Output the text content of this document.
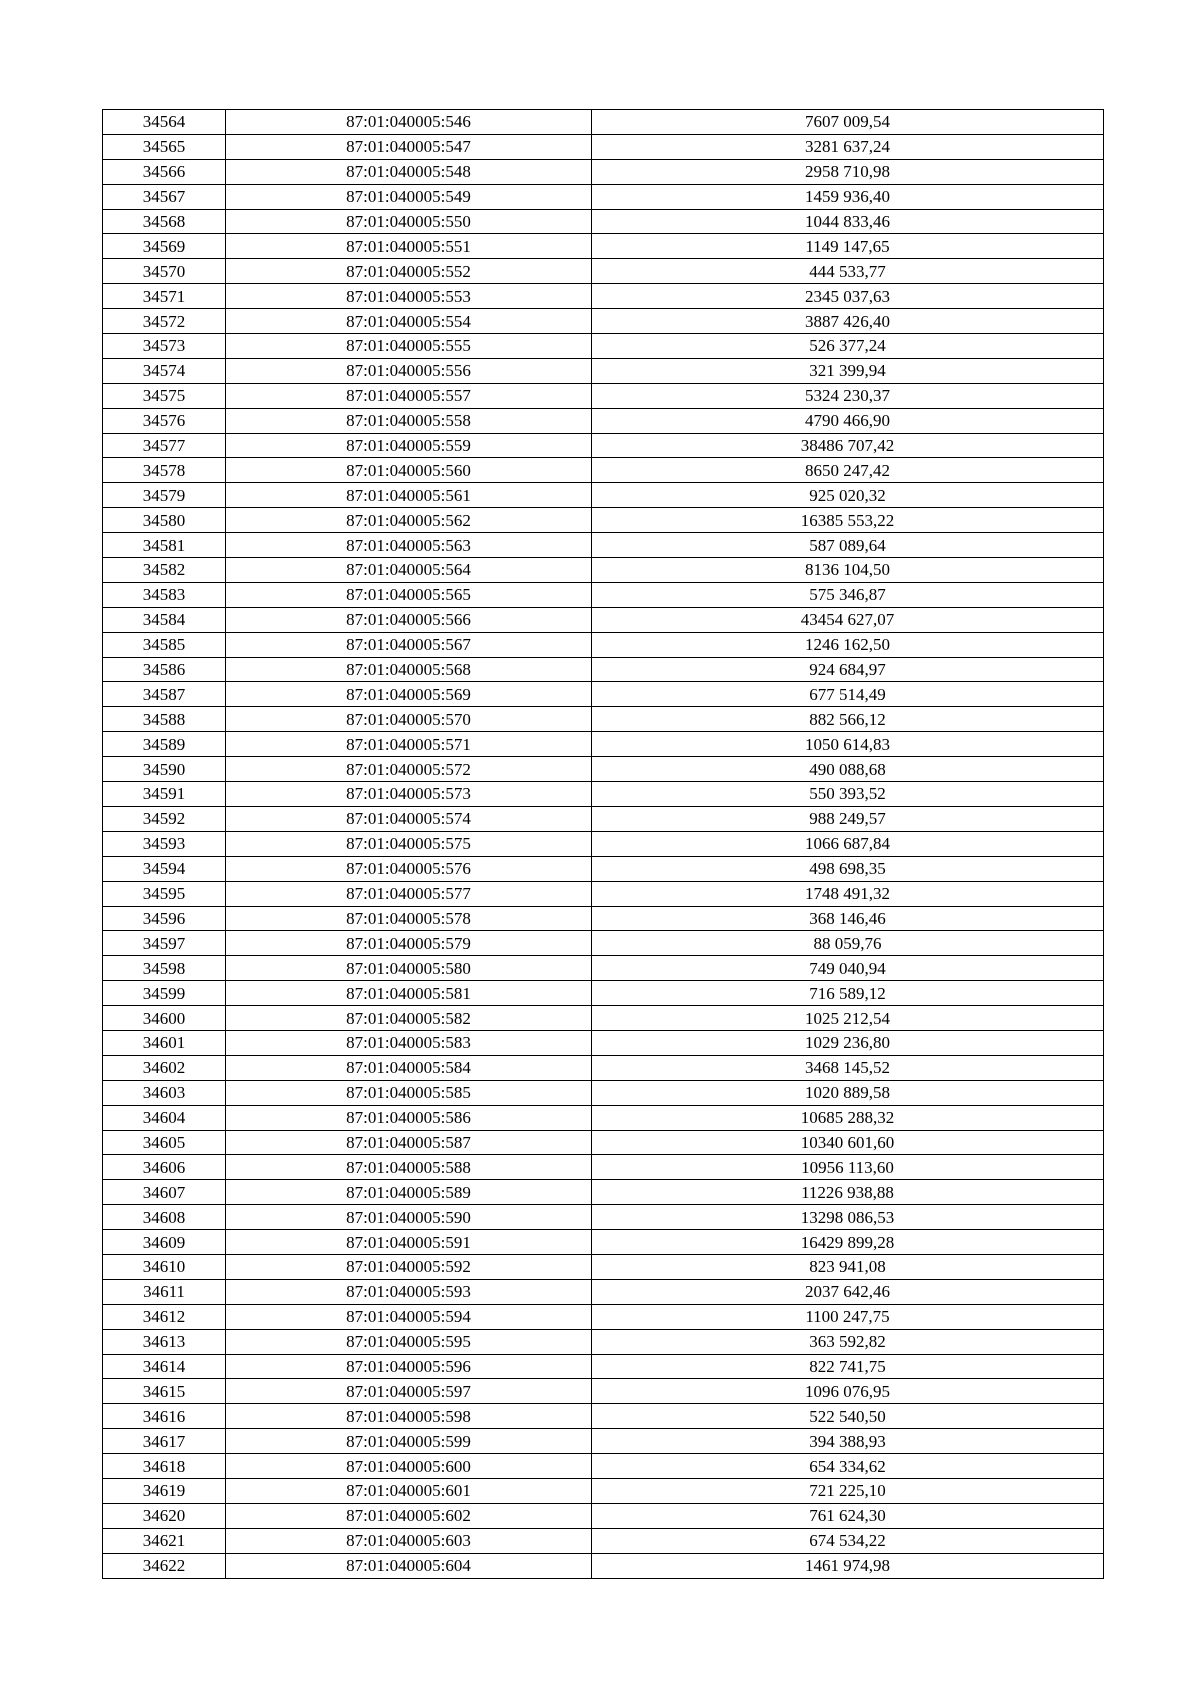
34564	87:01:040005:546	7607 009,54
34565	87:01:040005:547	3281 637,24
34566	87:01:040005:548	2958 710,98
34567	87:01:040005:549	1459 936,40
34568	87:01:040005:550	1044 833,46
34569	87:01:040005:551	1149 147,65
34570	87:01:040005:552	444 533,77
34571	87:01:040005:553	2345 037,63
34572	87:01:040005:554	3887 426,40
34573	87:01:040005:555	526 377,24
34574	87:01:040005:556	321 399,94
34575	87:01:040005:557	5324 230,37
34576	87:01:040005:558	4790 466,90
34577	87:01:040005:559	38486 707,42
34578	87:01:040005:560	8650 247,42
34579	87:01:040005:561	925 020,32
34580	87:01:040005:562	16385 553,22
34581	87:01:040005:563	587 089,64
34582	87:01:040005:564	8136 104,50
34583	87:01:040005:565	575 346,87
34584	87:01:040005:566	43454 627,07
34585	87:01:040005:567	1246 162,50
34586	87:01:040005:568	924 684,97
34587	87:01:040005:569	677 514,49
34588	87:01:040005:570	882 566,12
34589	87:01:040005:571	1050 614,83
34590	87:01:040005:572	490 088,68
34591	87:01:040005:573	550 393,52
34592	87:01:040005:574	988 249,57
34593	87:01:040005:575	1066 687,84
34594	87:01:040005:576	498 698,35
34595	87:01:040005:577	1748 491,32
34596	87:01:040005:578	368 146,46
34597	87:01:040005:579	88 059,76
34598	87:01:040005:580	749 040,94
34599	87:01:040005:581	716 589,12
34600	87:01:040005:582	1025 212,54
34601	87:01:040005:583	1029 236,80
34602	87:01:040005:584	3468 145,52
34603	87:01:040005:585	1020 889,58
34604	87:01:040005:586	10685 288,32
34605	87:01:040005:587	10340 601,60
34606	87:01:040005:588	10956 113,60
34607	87:01:040005:589	11226 938,88
34608	87:01:040005:590	13298 086,53
34609	87:01:040005:591	16429 899,28
34610	87:01:040005:592	823 941,08
34611	87:01:040005:593	2037 642,46
34612	87:01:040005:594	1100 247,75
34613	87:01:040005:595	363 592,82
34614	87:01:040005:596	822 741,75
34615	87:01:040005:597	1096 076,95
34616	87:01:040005:598	522 540,50
34617	87:01:040005:599	394 388,93
34618	87:01:040005:600	654 334,62
34619	87:01:040005:601	721 225,10
34620	87:01:040005:602	761 624,30
34621	87:01:040005:603	674 534,22
34622	87:01:040005:604	1461 974,98
